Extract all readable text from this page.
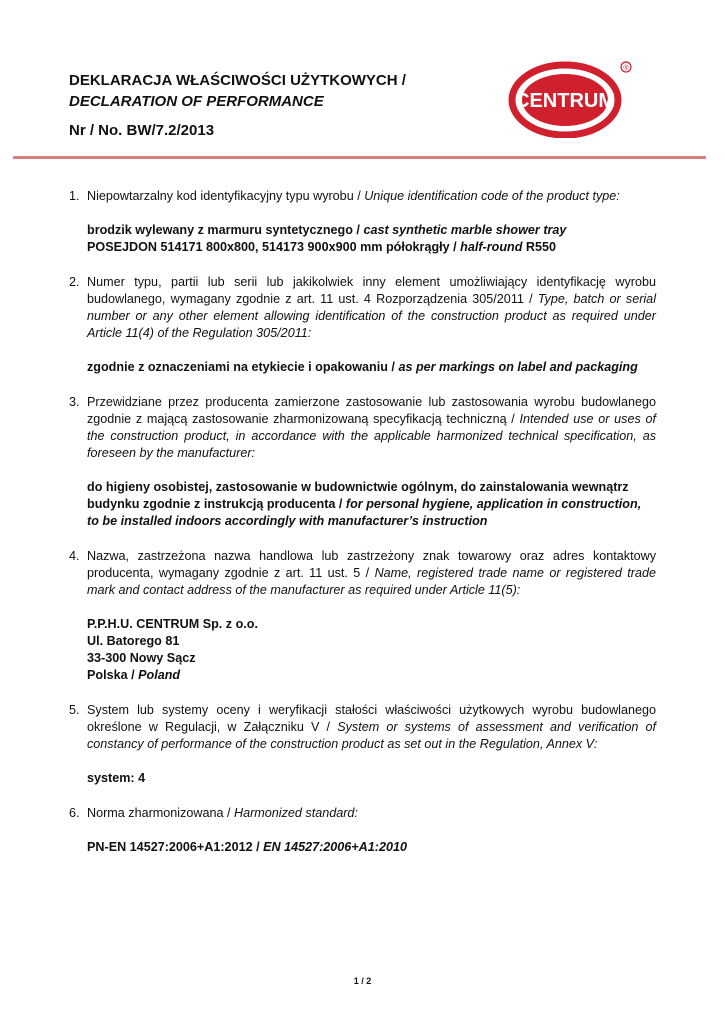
DEKLARACJA WŁAŚCIWOŚCI UŻYTKOWYCH /
DECLARATION OF PERFORMANCE
Nr / No. BW/7.2/2013
CENTRUM
®
1. Niepowtarzalny kod identyfikacyjny typu wyrobu / Unique identification code of the product type:
brodzik wylewany z marmuru syntetycznego / cast synthetic marble shower tray
POSEJDON 514171 800x800, 514173 900x900 mm półokrągły / half-round R550
2. Numer typu, partii lub serii lub jakikolwiek inny element umożliwiający identyfikację wyrobu budowlanego, wymagany zgodnie z art. 11 ust. 4 Rozporządzenia 305/2011 / Type, batch or serial number or any other element allowing identification of the construction product as required under Article 11(4) of the Regulation 305/2011:
zgodnie z oznaczeniami na etykiecie i opakowaniu / as per markings on label and packaging
3. Przewidziane przez producenta zamierzone zastosowanie lub zastosowania wyrobu budowlanego zgodnie z mającą zastosowanie zharmonizowaną specyfikacją techniczną / Intended use or uses of the construction product, in accordance with the applicable harmonized technical specification, as foreseen by the manufacturer:
do higieny osobistej, zastosowanie w budownictwie ogólnym, do zainstalowania wewnątrz budynku zgodnie z instrukcją producenta / for personal hygiene, application in construction, to be installed indoors accordingly with manufacturer’s instruction
4. Nazwa, zastrzeżona nazwa handlowa lub zastrzeżony znak towarowy oraz adres kontaktowy producenta, wymagany zgodnie z art. 11 ust. 5 / Name, registered trade name or registered trade mark and contact address of the manufacturer as required under Article 11(5):
P.P.H.U. CENTRUM Sp. z o.o.
Ul. Batorego 81
33-300 Nowy Sącz
Polska / Poland
5. System lub systemy oceny i weryfikacji stałości właściwości użytkowych wyrobu budowlanego określone w Regulacji, w Załączniku V / System or systems of assessment and verification of constancy of performance of the construction product as set out in the Regulation, Annex V:
system: 4
6. Norma zharmonizowana / Harmonized standard:
PN-EN 14527:2006+A1:2012 / EN 14527:2006+A1:2010
1 / 2
